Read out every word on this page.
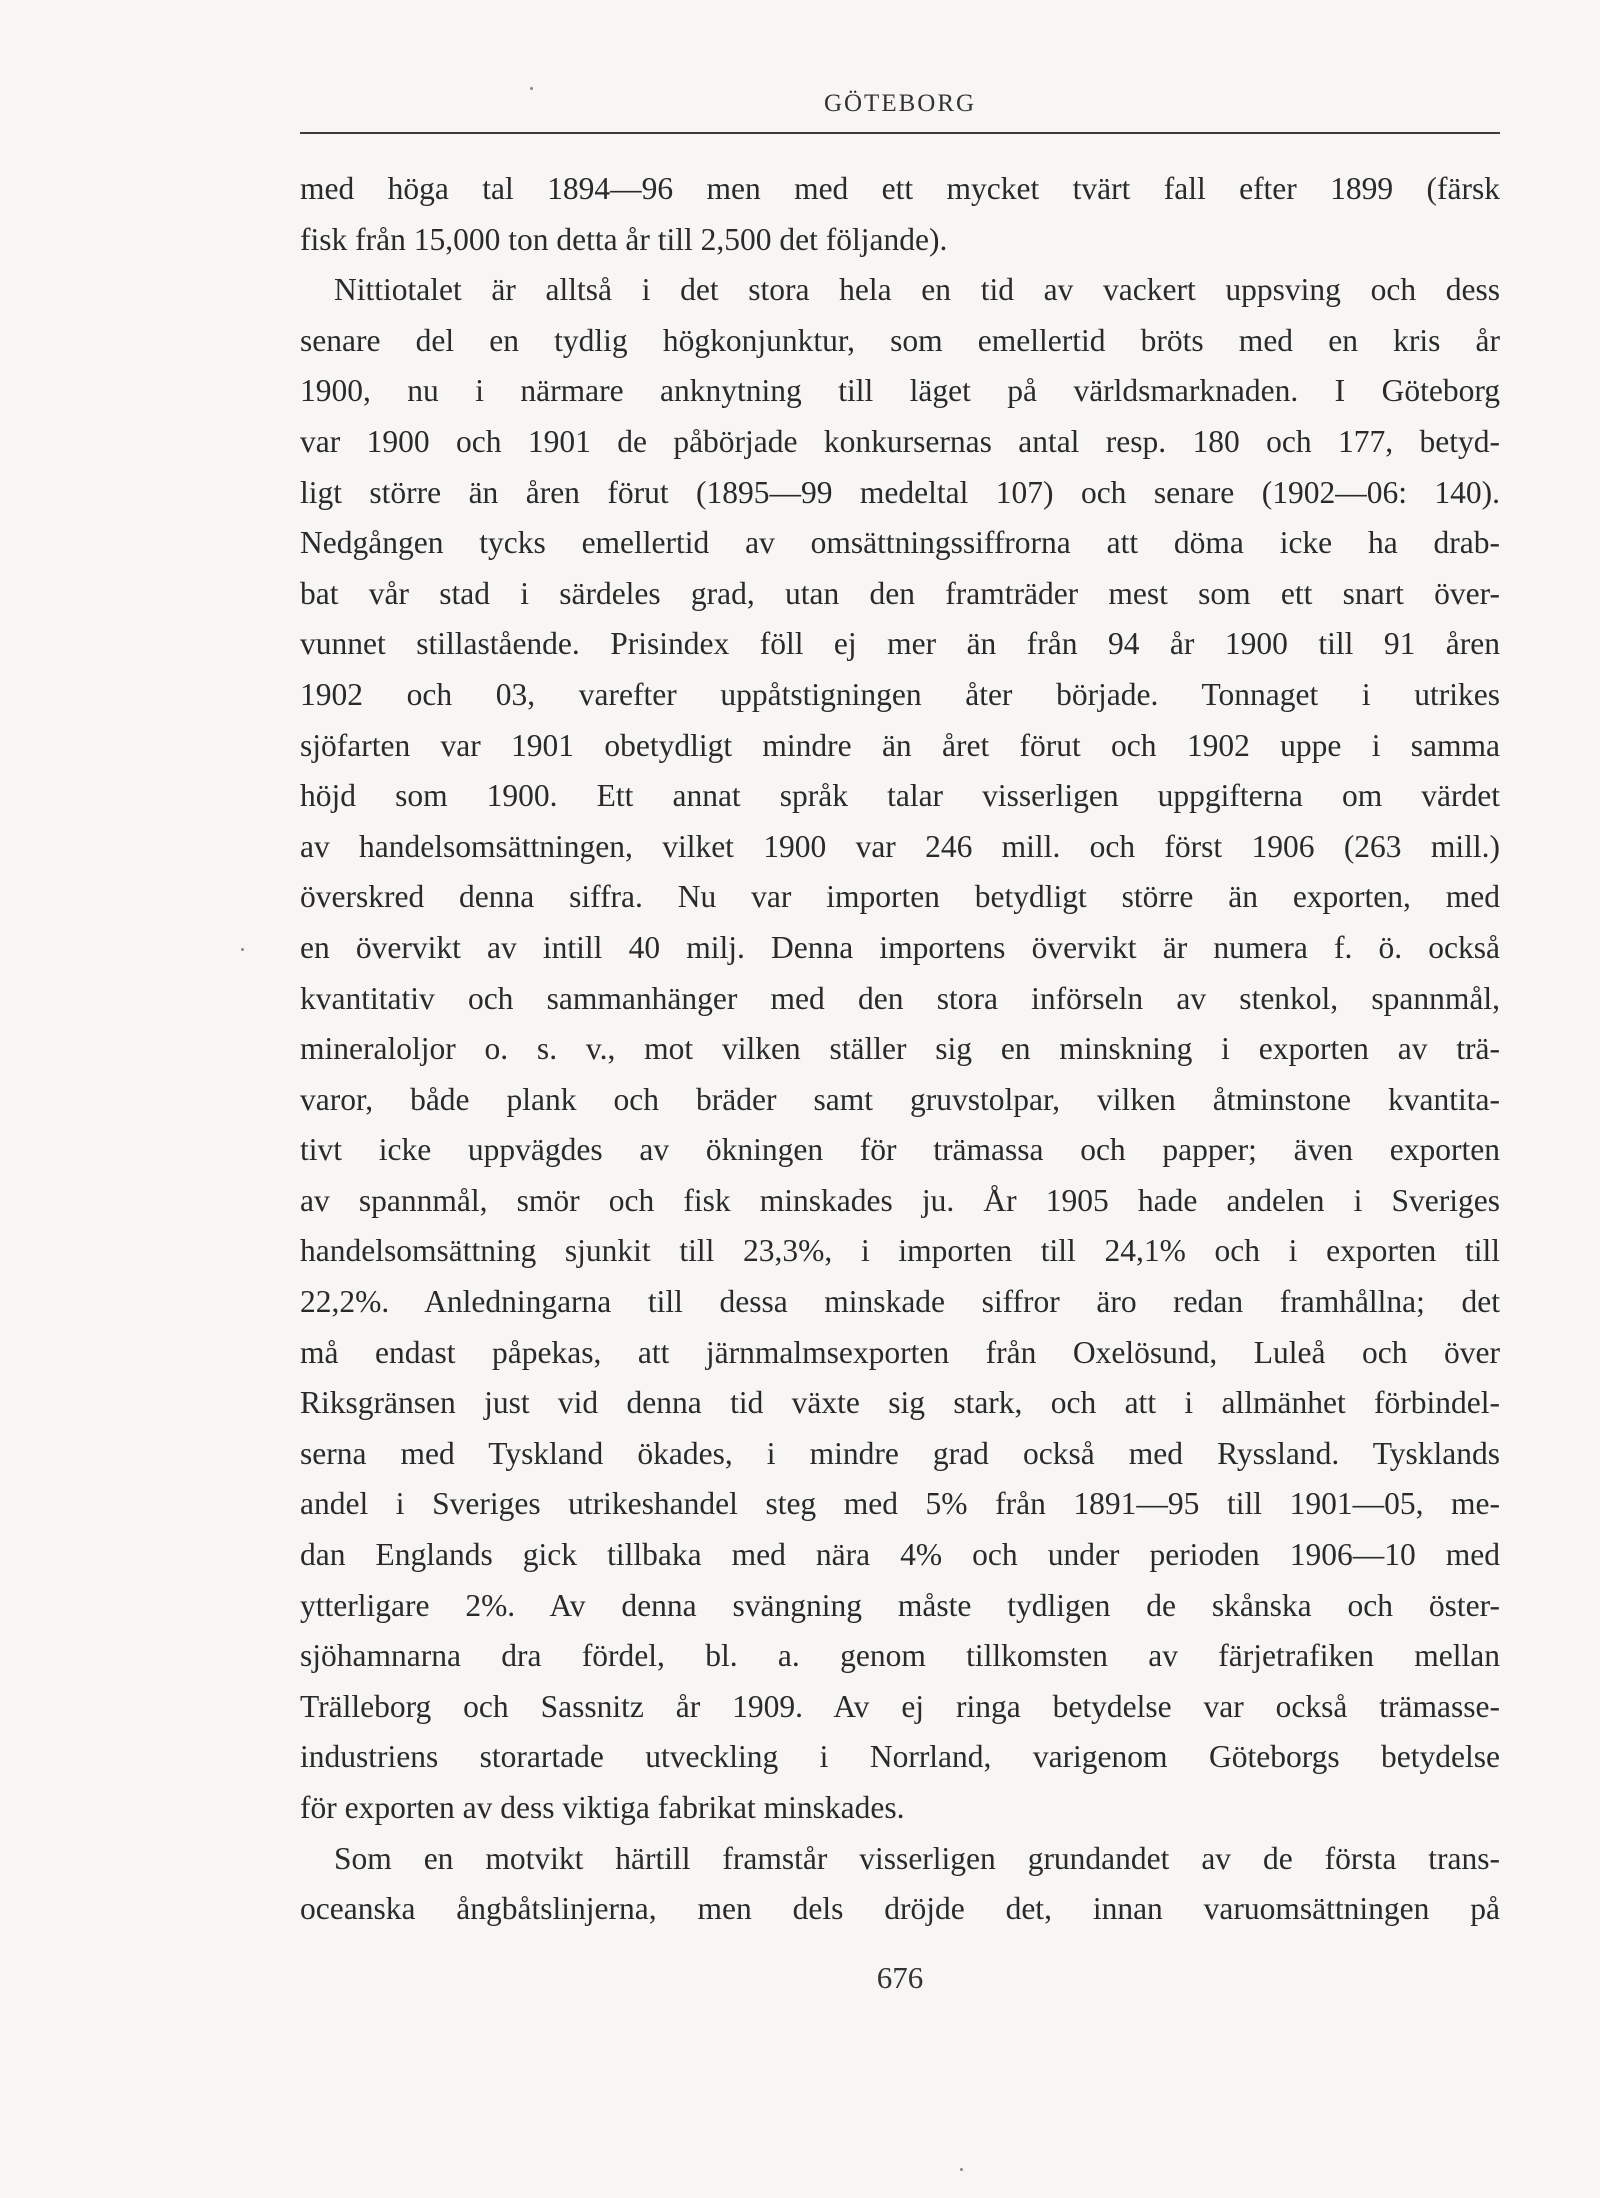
GÖTEBORG
med höga tal 1894—96 men med ett mycket tvärt fall efter 1899 (färsk
fisk från 15,000 ton detta år till 2,500 det följande).
Nittiotalet är alltså i det stora hela en tid av vackert uppsving och dess
senare del en tydlig högkonjunktur, som emellertid bröts med en kris år
1900, nu i närmare anknytning till läget på världsmarknaden. I Göteborg
var 1900 och 1901 de påbörjade konkursernas antal resp. 180 och 177, betyd-
ligt större än åren förut (1895—99 medeltal 107) och senare (1902—06: 140).
Nedgången tycks emellertid av omsättningssiffrorna att döma icke ha drab-
bat vår stad i särdeles grad, utan den framträder mest som ett snart över-
vunnet stillastående. Prisindex föll ej mer än från 94 år 1900 till 91 åren
1902 och 03, varefter uppåtstigningen åter började. Tonnaget i utrikes
sjöfarten var 1901 obetydligt mindre än året förut och 1902 uppe i samma
höjd som 1900. Ett annat språk talar visserligen uppgifterna om värdet
av handelsomsättningen, vilket 1900 var 246 mill. och först 1906 (263 mill.)
överskred denna siffra. Nu var importen betydligt större än exporten, med
en övervikt av intill 40 milj. Denna importens övervikt är numera f. ö. också
kvantitativ och sammanhänger med den stora införseln av stenkol, spannmål,
mineraloljor o. s. v., mot vilken ställer sig en minskning i exporten av trä-
varor, både plank och bräder samt gruvstolpar, vilken åtminstone kvantita-
tivt icke uppvägdes av ökningen för trämassa och papper; även exporten
av spannmål, smör och fisk minskades ju. År 1905 hade andelen i Sveriges
handelsomsättning sjunkit till 23,3%, i importen till 24,1% och i exporten till
22,2%. Anledningarna till dessa minskade siffror äro redan framhållna; det
må endast påpekas, att järnmalmsexporten från Oxelösund, Luleå och över
Riksgränsen just vid denna tid växte sig stark, och att i allmänhet förbindel-
serna med Tyskland ökades, i mindre grad också med Ryssland. Tysklands
andel i Sveriges utrikeshandel steg med 5% från 1891—95 till 1901—05, me-
dan Englands gick tillbaka med nära 4% och under perioden 1906—10 med
ytterligare 2%. Av denna svängning måste tydligen de skånska och öster-
sjöhamnarna dra fördel, bl. a. genom tillkomsten av färjetrafiken mellan
Trälleborg och Sassnitz år 1909. Av ej ringa betydelse var också trämasse-
industriens storartade utveckling i Norrland, varigenom Göteborgs betydelse
för exporten av dess viktiga fabrikat minskades.
Som en motvikt härtill framstår visserligen grundandet av de första trans-
oceanska ångbåtslinjerna, men dels dröjde det, innan varuomsättningen på
676
